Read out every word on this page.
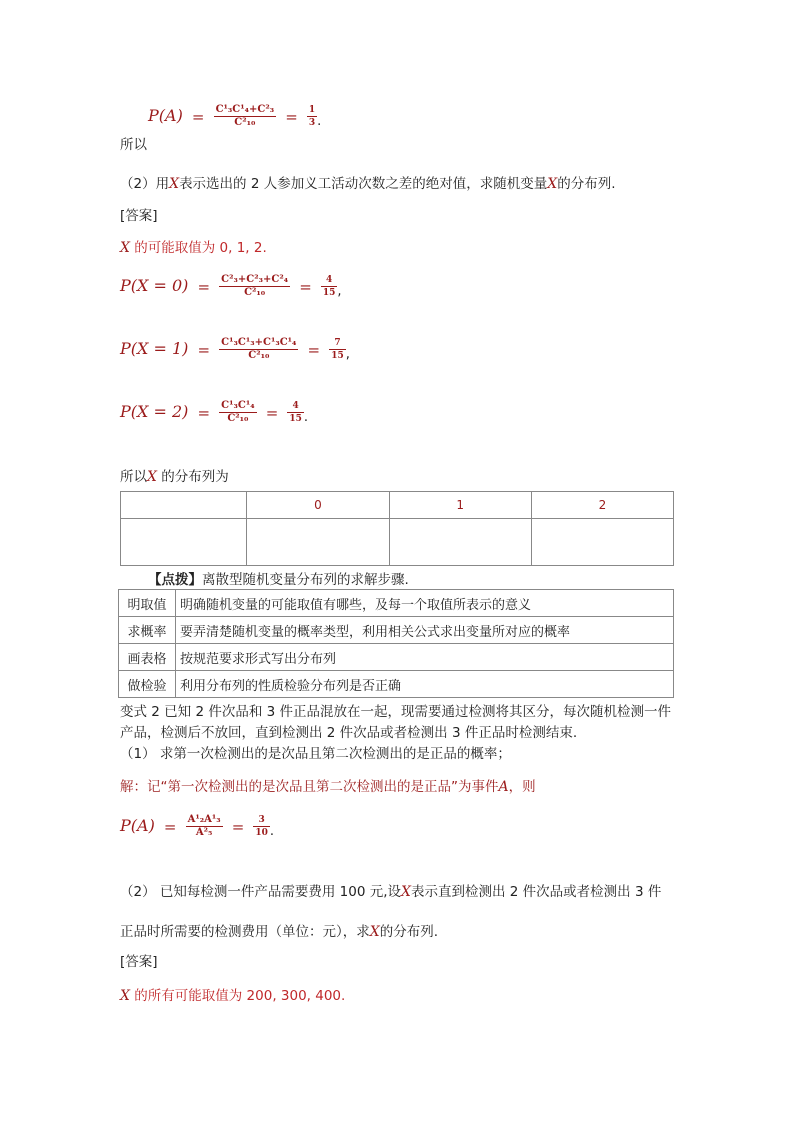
$P(A) = \frac{\text{C¹₃C¹₄+C²₃}}{\text{C²₁₀}} = \frac{1}{3}$ .
所以
（2）用X表示选出的 2 人参加义工活动次数之差的绝对值，求随机变量X的分布列.
[答案]
X 的可能取值为 0, 1, 2.
$P(X = 0) = \frac{\text{C²₃+C²₃+C²₄}}{\text{C²₁₀}} = \frac{4}{15}$ ,
$P(X = 1) = \frac{\text{C¹₃C¹₃+C¹₃C¹₄}}{\text{C²₁₀}} = \frac{7}{15}$ ,
$P(X = 2) = \frac{\text{C¹₃C¹₄}}{\text{C²₁₀}} = \frac{4}{15}$ .
所以X 的分布列为
	0	1	2

【点拨】离散型随机变量分布列的求解步骤.
明取值	明确随机变量的可能取值有哪些，及每一个取值所表示的意义
求概率	要弄清楚随机变量的概率类型，利用相关公式求出变量所对应的概率
画表格	按规范要求形式写出分布列
做检验	利用分布列的性质检验分布列是否正确
变式 2 已知 2 件次品和 3 件正品混放在一起，现需要通过检测将其区分，每次随机检测一件
产品，检测后不放回，直到检测出 2 件次品或者检测出 3 件正品时检测结束.
（1） 求第一次检测出的是次品且第二次检测出的是正品的概率；
解：记“第一次检测出的是次品且第二次检测出的是正品”为事件A，则
$P(A) = \frac{\text{A¹₂A¹₃}}{\text{A²₅}} = \frac{3}{10}$ .
（2） 已知每检测一件产品需要费用 100 元,设X表示直到检测出 2 件次品或者检测出 3 件
正品时所需要的检测费用（单位：元），求X的分布列.
[答案]
X 的所有可能取值为 200, 300, 400.
